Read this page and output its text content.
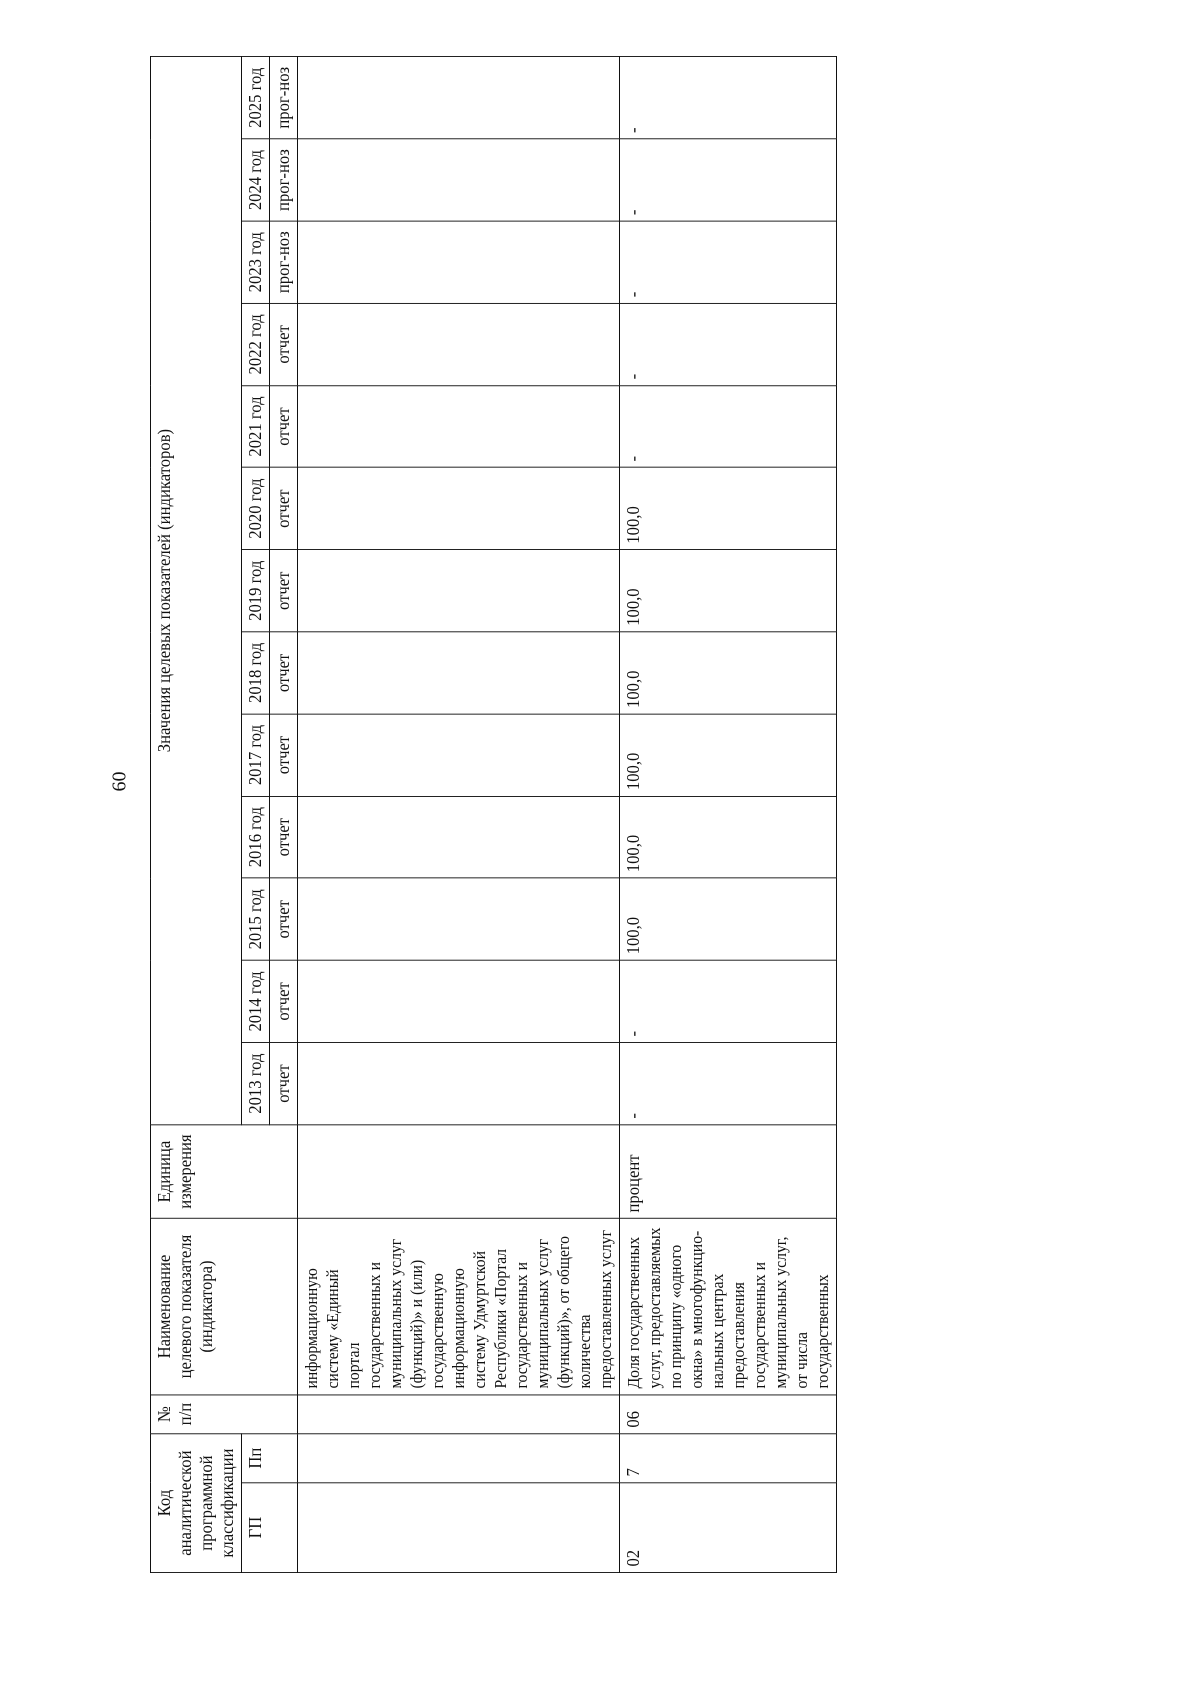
60
Код аналитической программной классификации		№ п/п	Наименование целевого показателя (индикатора)	Единица измерения	Значения целевых показателей (индикаторов)												
ГП	Пп				2013 год	2014 год	2015 год	2016 год	2017 год	2018 год	2019 год	2020 год	2021 год	2022 год	2023 год	2024 год	2025 год
					отчет	отчет	отчет	отчет	отчет	отчет	отчет	отчет	отчет	отчет	прог-ноз	прог-ноз	прог-ноз
			информационную систему «Единый портал государственных и муниципальных услуг (функций)» и (или) государственную информационную систему Удмуртской Республики «Портал государственных и муниципальных услуг (функций)», от общего количества предоставленных услуг														
02	7	06	Доля государственных услуг, предоставляемых по принципу «одного окна» в многофункцио-нальных центрах предоставления государственных и муниципальных услуг, от числа государственных	процент	-	-	100,0	100,0	100,0	100,0	100,0	100,0	-	-	-	-	-
